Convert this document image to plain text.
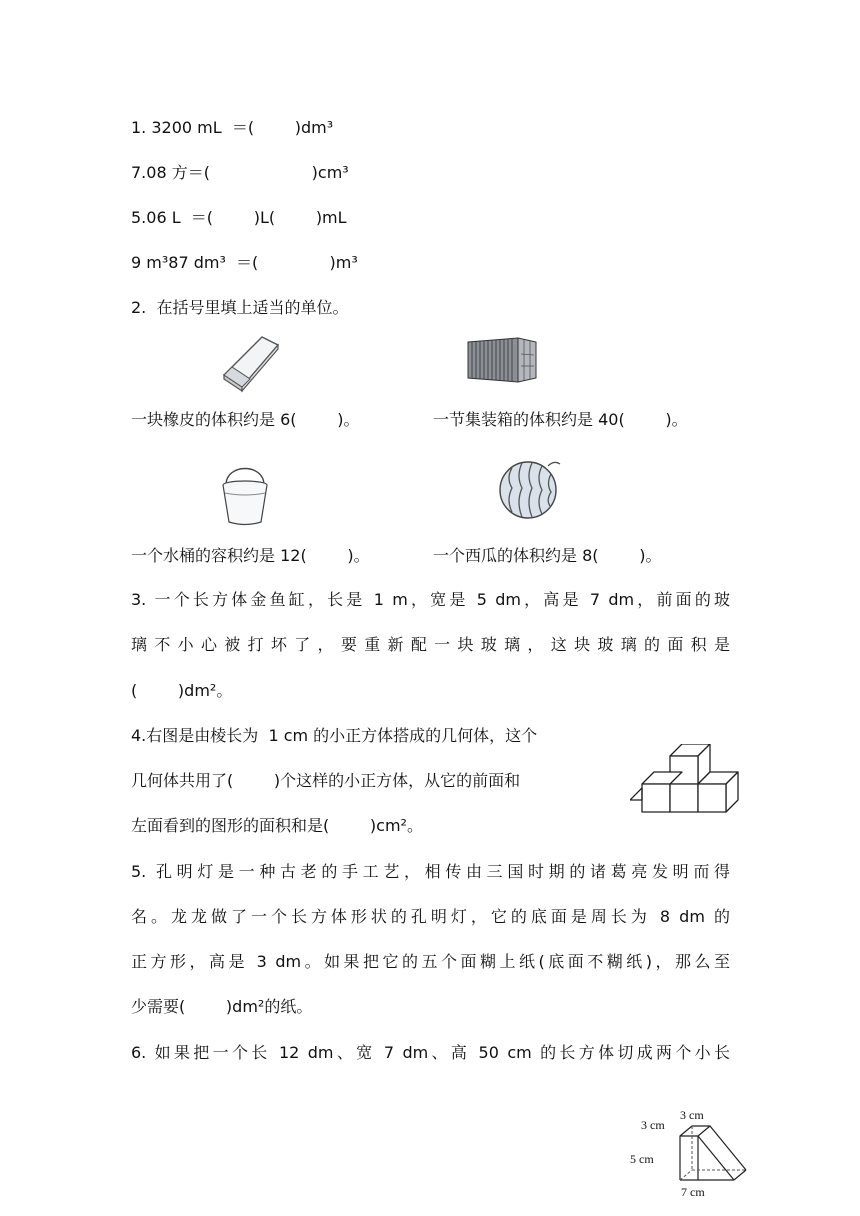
1. 3200 mL  ＝(        )dm³
7.08 方＝(                    )cm³
5.06 L  ＝(        )L(        )mL
9 m³87 dm³  ＝(              )m³
2.  在括号里填上适当的单位。
一块橡皮的体积约是 6(        )。	一节集装箱的体积约是 40(        )。
一个水桶的容积约是 12(        )。	一个西瓜的体积约是 8(        )。
3. 一个长方体金鱼缸，长是 1 m，宽是 5 dm，高是 7 dm，前面的玻
璃不小心被打坏了，要重新配一块玻璃，这块玻璃的面积是
(        )dm²。
4.右图是由棱长为  1 cm 的小正方体搭成的几何体，这个
几何体共用了(        )个这样的小正方体，从它的前面和
左面看到的图形的面积和是(        )cm²。
5. 孔明灯是一种古老的手工艺，相传由三国时期的诸葛亮发明而得
名。龙龙做了一个长方体形状的孔明灯，它的底面是周长为 8 dm 的
正方形，高是 3 dm。如果把它的五个面糊上纸(底面不糊纸)，那么至
少需要(        )dm²的纸。
6. 如果把一个长 12 dm、宽 7 dm、高 50 cm 的长方体切成两个小长
3 cm
3 cm
5 cm
7 cm
